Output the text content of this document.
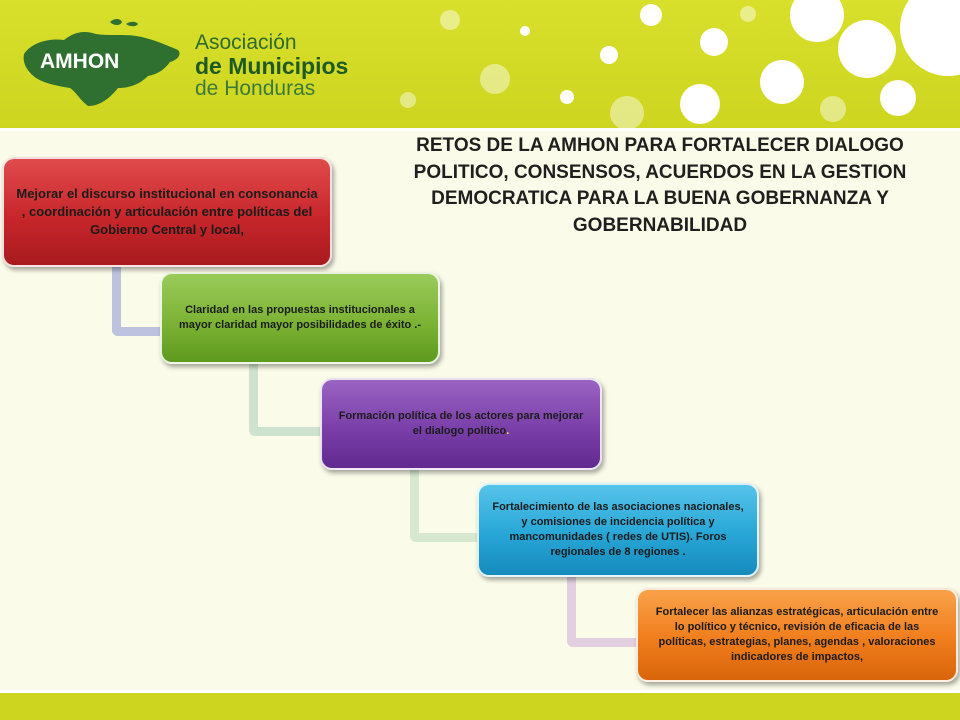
AMHON
Asociación
de Municipios
de Honduras
RETOS DE LA AMHON PARA FORTALECER DIALOGO POLITICO, CONSENSOS, ACUERDOS EN LA GESTION DEMOCRATICA PARA LA BUENA GOBERNANZA Y GOBERNABILIDAD
Mejorar el discurso institucional en consonancia , coordinación y articulación entre políticas del Gobierno Central y local,
Claridad en las propuestas institucionales a mayor claridad mayor posibilidades de éxito .-
Formación política de los actores para mejorar el dialogo político.
Fortalecimiento de las asociaciones nacionales, y comisiones de incidencia política y mancomunidades ( redes de UTIS). Foros regionales de 8 regiones .
Fortalecer las alianzas estratégicas, articulación entre lo político y técnico, revisión de eficacia de las políticas, estrategias, planes, agendas , valoraciones indicadores de impactos,
